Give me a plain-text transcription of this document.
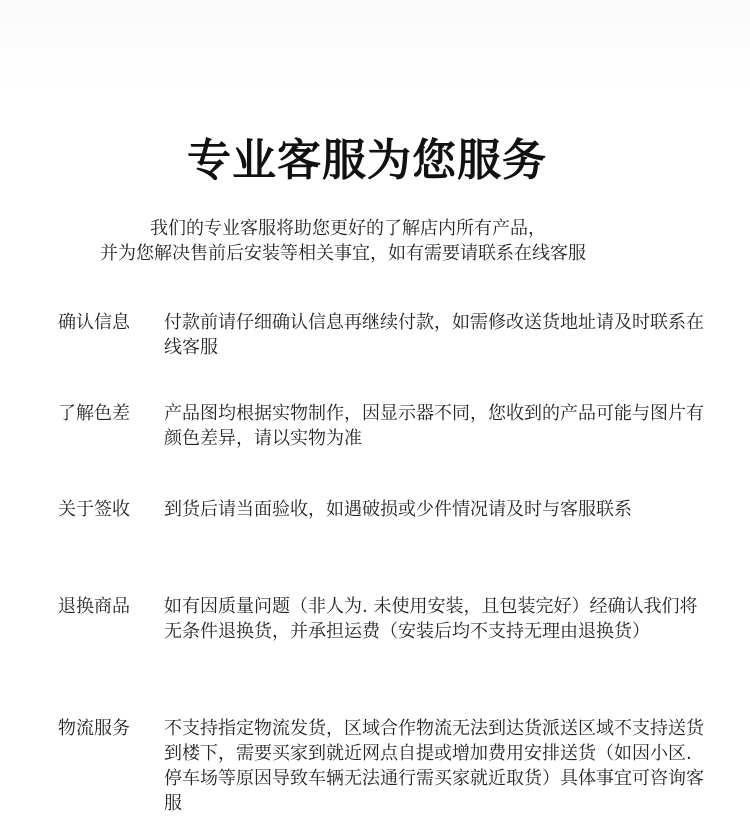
专业客服为您服务
我们的专业客服将助您更好的了解店内所有产品，
并为您解决售前后安装等相关事宜，如有需要请联系在线客服
确认信息 付款前请仔细确认信息再继续付款，如需修改送货地址请及时联系在线客服
了解色差 产品图均根据实物制作，因显示器不同，您收到的产品可能与图片有颜色差异，请以实物为准
关于签收 到货后请当面验收，如遇破损或少件情况请及时与客服联系
退换商品 如有因质量问题（非人为. 未使用安装，且包装完好）经确认我们将无条件退换货，并承担运费（安装后均不支持无理由退换货）
物流服务 不支持指定物流发货，区域合作物流无法到达货派送区域不支持送货到楼下，需要买家到就近网点自提或增加费用安排送货（如因小区. 停车场等原因导致车辆无法通行需买家就近取货）具体事宜可咨询客服
